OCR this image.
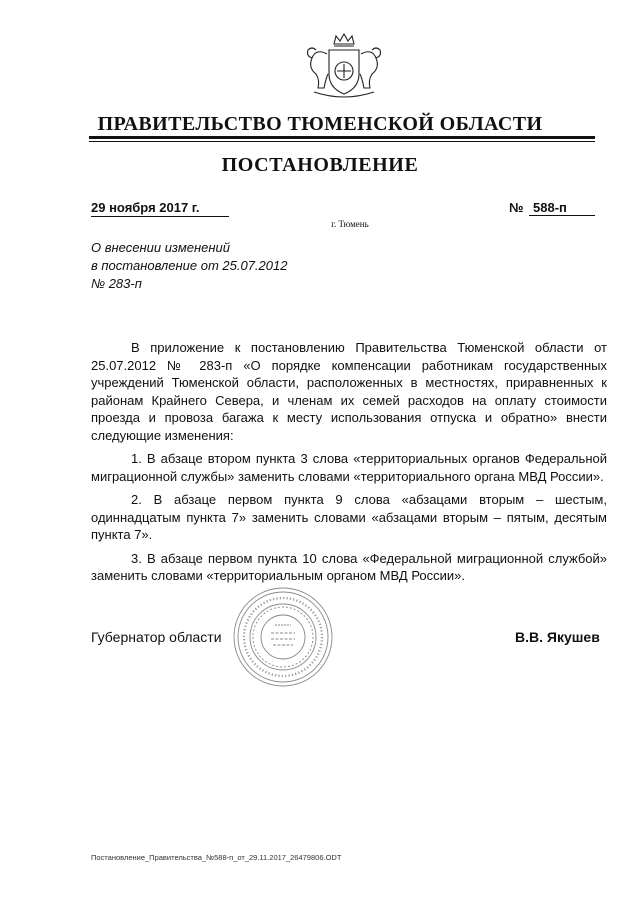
ПРАВИТЕЛЬСТВО ТЮМЕНСКОЙ ОБЛАСТИ
ПОСТАНОВЛЕНИЕ
29 ноября 2017 г.	№ 588-п
г. Тюмень
О внесении изменений
в постановление от 25.07.2012
№ 283-п

В приложение к постановлению Правительства Тюменской области от 25.07.2012 № 283-п «О порядке компенсации работникам государственных учреждений Тюменской области, расположенных в местностях, приравненных к районам Крайнего Севера, и членам их семей расходов на оплату стоимости проезда и провоза багажа к месту использования отпуска и обратно» внести следующие изменения:

1. В абзаце втором пункта 3 слова «территориальных органов Федеральной миграционной службы» заменить словами «территориального органа МВД России».

2. В абзаце первом пункта 9 слова «абзацами вторым – шестым, одиннадцатым пункта 7» заменить словами «абзацами вторым – пятым, десятым пункта 7».

3. В абзаце первом пункта 10 слова «Федеральной миграционной службой» заменить словами «территориальным органом МВД России».

Губернатор области	В.В. Якушев
Постановление_Правительства_№588-п_от_29.11.2017_26479806.ODT
